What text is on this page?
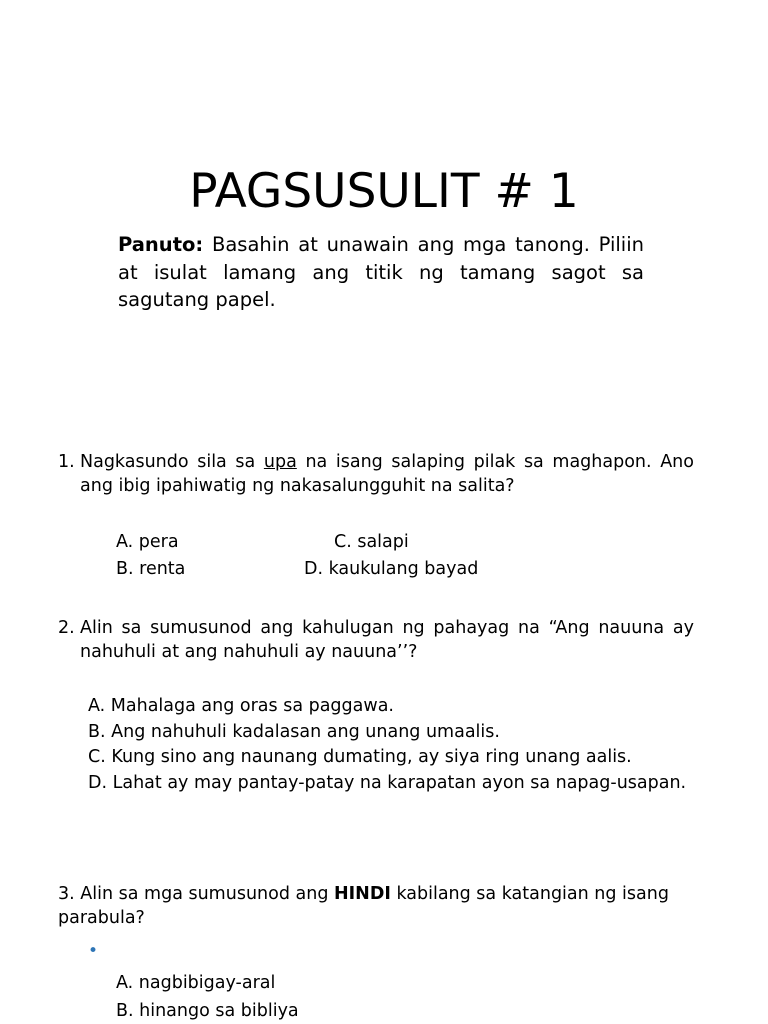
PAGSUSULIT # 1
Panuto: Basahin at unawain ang mga tanong. Piliin at isulat lamang ang titik ng tamang sagot sa sagutang papel.
1. Nagkasundo sila sa upa na isang salaping pilak sa maghapon. Ano ang ibig ipahiwatig ng nakasalungguhit na salita?
A. pera
B. renta
C. salapi
D. kaukulang bayad
2. Alin sa sumusunod ang kahulugan ng pahayag na “Ang nauuna ay nahuhuli at ang nahuhuli ay nauuna’’?
A. Mahalaga ang oras sa paggawa.
B. Ang nahuhuli kadalasan ang unang umaalis.
C. Kung sino ang naunang dumating, ay siya ring unang aalis.
D. Lahat ay may pantay-patay na karapatan ayon sa napag-usapan.
3. Alin sa mga sumusunod ang HINDI kabilang sa katangian ng isang parabula?
•
A. nagbibigay-aral
B. hinango sa bibliya
